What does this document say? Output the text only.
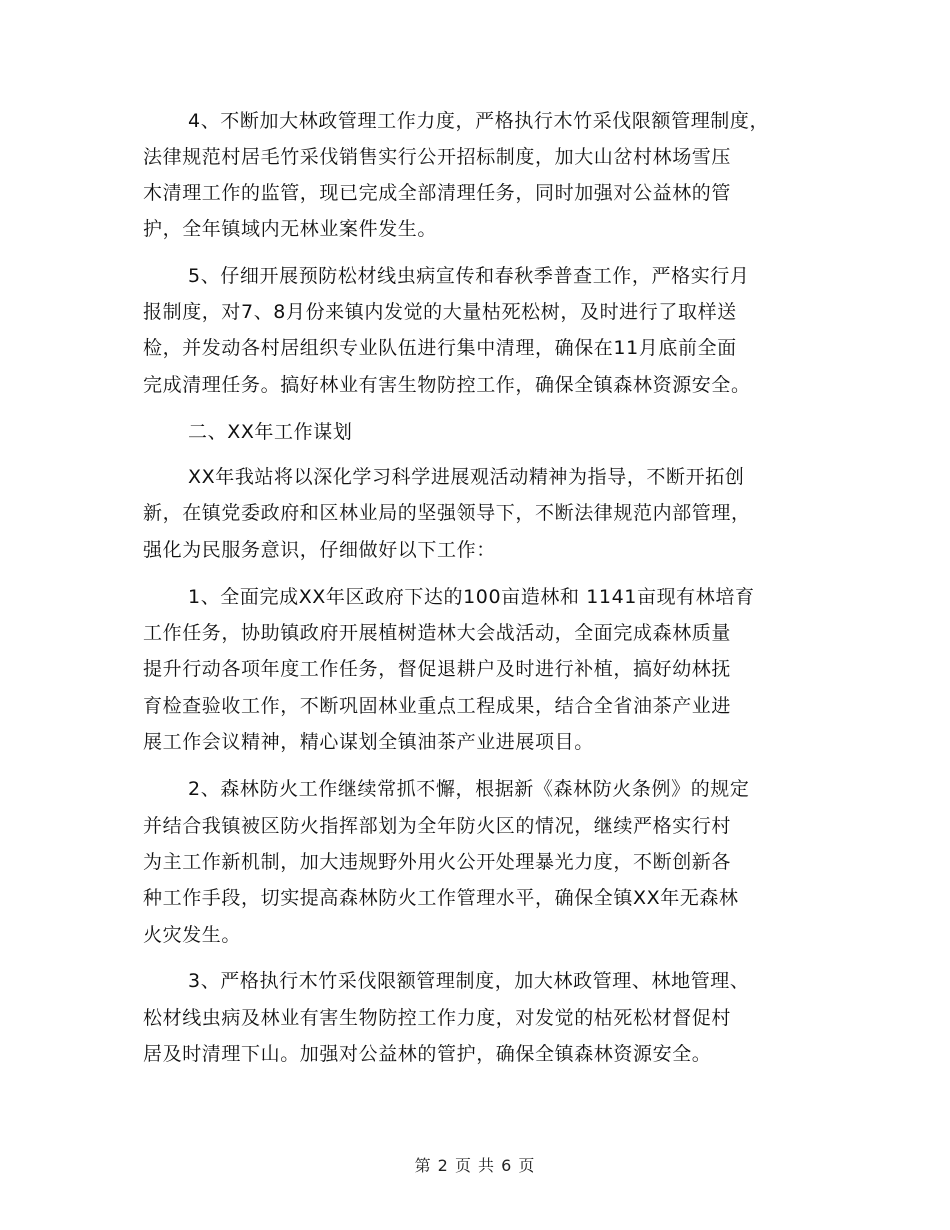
4、不断加大林政管理工作力度，严格执行木竹采伐限额管理制度，
法律规范村居毛竹采伐销售实行公开招标制度，加大山岔村林场雪压
木清理工作的监管，现已完成全部清理任务，同时加强对公益林的管
护，全年镇域内无林业案件发生。
5、仔细开展预防松材线虫病宣传和春秋季普查工作，严格实行月
报制度，对7、8月份来镇内发觉的大量枯死松树，及时进行了取样送
检，并发动各村居组织专业队伍进行集中清理，确保在11月底前全面
完成清理任务。搞好林业有害生物防控工作，确保全镇森林资源安全。
二、XX年工作谋划
XX年我站将以深化学习科学进展观活动精神为指导，不断开拓创
新，在镇党委政府和区林业局的坚强领导下，不断法律规范内部管理，
强化为民服务意识，仔细做好以下工作：
1、全面完成XX年区政府下达的100亩造林和 1141亩现有林培育
工作任务，协助镇政府开展植树造林大会战活动，全面完成森林质量
提升行动各项年度工作任务，督促退耕户及时进行补植，搞好幼林抚
育检查验收工作，不断巩固林业重点工程成果，结合全省油茶产业进
展工作会议精神，精心谋划全镇油茶产业进展项目。
2、森林防火工作继续常抓不懈，根据新《森林防火条例》的规定
并结合我镇被区防火指挥部划为全年防火区的情况，继续严格实行村
为主工作新机制，加大违规野外用火公开处理暴光力度，不断创新各
种工作手段，切实提高森林防火工作管理水平，确保全镇XX年无森林
火灾发生。
3、严格执行木竹采伐限额管理制度，加大林政管理、林地管理、
松材线虫病及林业有害生物防控工作力度，对发觉的枯死松材督促村
居及时清理下山。加强对公益林的管护，确保全镇森林资源安全。
第 2 页 共 6 页
